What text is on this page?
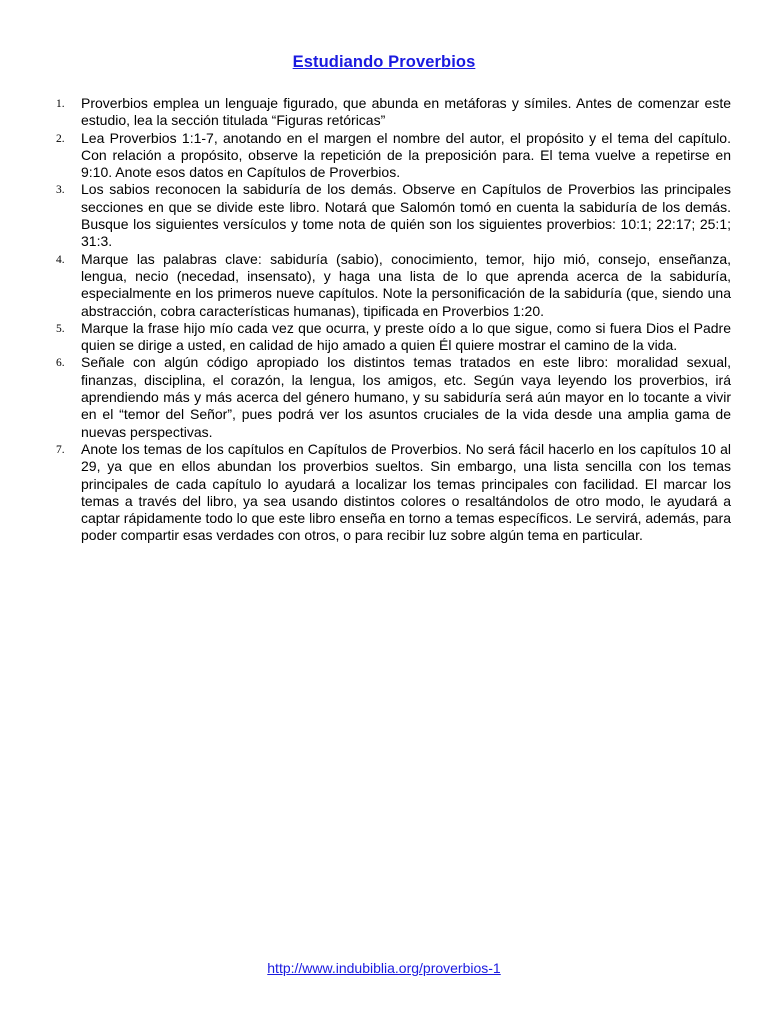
Estudiando Proverbios
1. Proverbios emplea un lenguaje figurado, que abunda en metáforas y símiles. Antes de comenzar este estudio, lea la sección titulada “Figuras retóricas”
2. Lea Proverbios 1:1-7, anotando en el margen el nombre del autor, el propósito y el tema del capítulo. Con relación a propósito, observe la repetición de la preposición para. El tema vuelve a repetirse en 9:10. Anote esos datos en Capítulos de Proverbios.
3. Los sabios reconocen la sabiduría de los demás. Observe en Capítulos de Proverbios las principales secciones en que se divide este libro. Notará que Salomón tomó en cuenta la sabiduría de los demás. Busque los siguientes versículos y tome nota de quién son los siguientes proverbios: 10:1; 22:17; 25:1; 31:3.
4. Marque las palabras clave: sabiduría (sabio), conocimiento, temor, hijo mió, consejo, enseñanza, lengua, necio (necedad, insensato), y haga una lista de lo que aprenda acerca de la sabiduría, especialmente en los primeros nueve capítulos. Note la personificación de la sabiduría (que, siendo una abstracción, cobra características humanas), tipificada en Proverbios 1:20.
5. Marque la frase hijo mío cada vez que ocurra, y preste oído a lo que sigue, como si fuera Dios el Padre quien se dirige a usted, en calidad de hijo amado a quien Él quiere mostrar el camino de la vida.
6. Señale con algún código apropiado los distintos temas tratados en este libro: moralidad sexual, finanzas, disciplina, el corazón, la lengua, los amigos, etc. Según vaya leyendo los proverbios, irá aprendiendo más y más acerca del género humano, y su sabiduría será aún mayor en lo tocante a vivir en el “temor del Señor”, pues podrá ver los asuntos cruciales de la vida desde una amplia gama de nuevas perspectivas.
7. Anote los temas de los capítulos en Capítulos de Proverbios. No será fácil hacerlo en los capítulos 10 al 29, ya que en ellos abundan los proverbios sueltos. Sin embargo, una lista sencilla con los temas principales de cada capítulo lo ayudará a localizar los temas principales con facilidad. El marcar los temas a través del libro, ya sea usando distintos colores o resaltándolos de otro modo, le ayudará a captar rápidamente todo lo que este libro enseña en torno a temas específicos. Le servirá, además, para poder compartir esas verdades con otros, o para recibir luz sobre algún tema en particular.
http://www.indubiblia.org/proverbios-1
